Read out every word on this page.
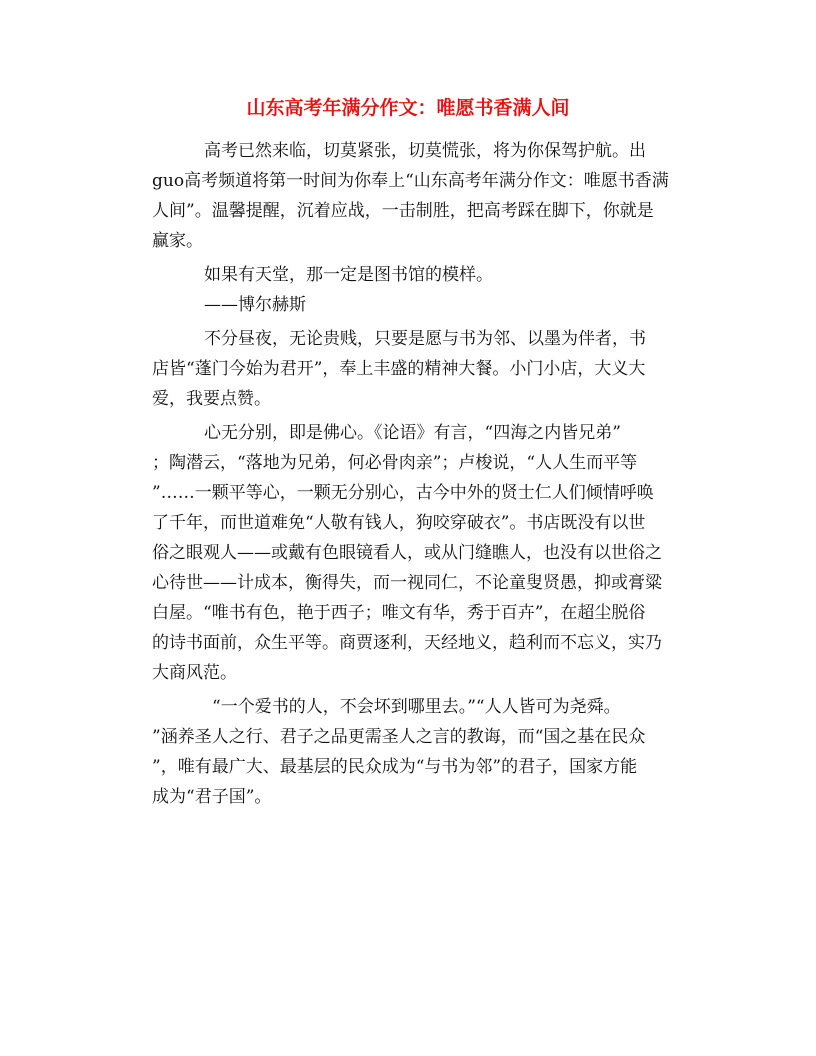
山东高考年满分作文：唯愿书香满人间
高考已然来临，切莫紧张，切莫慌张，将为你保驾护航。出
guo高考频道将第一时间为你奉上“山东高考年满分作文：唯愿书香满
人间”。温馨提醒，沉着应战，一击制胜，把高考踩在脚下，你就是
赢家。
如果有天堂，那一定是图书馆的模样。
——博尔赫斯
不分昼夜，无论贵贱，只要是愿与书为邻、以墨为伴者，书
店皆“蓬门今始为君开”，奉上丰盛的精神大餐。小门小店，大义大
爱，我要点赞。
心无分别，即是佛心。《论语》有言，“四海之内皆兄弟”
；陶潜云，“落地为兄弟，何必骨肉亲”；卢梭说，“人人生而平等
”……一颗平等心，一颗无分别心，古今中外的贤士仁人们倾情呼唤
了千年，而世道难免“人敬有钱人，狗咬穿破衣”。书店既没有以世
俗之眼观人——或戴有色眼镜看人，或从门缝瞧人，也没有以世俗之
心待世——计成本，衡得失，而一视同仁，不论童叟贤愚，抑或膏粱
白屋。“唯书有色，艳于西子；唯文有华，秀于百卉”，在超尘脱俗
的诗书面前，众生平等。商贾逐利，天经地义，趋利而不忘义，实乃
大商风范。
“一个爱书的人，不会坏到哪里去。”“人人皆可为尧舜。
”涵养圣人之行、君子之品更需圣人之言的教诲，而“国之基在民众
”，唯有最广大、最基层的民众成为“与书为邻”的君子，国家方能
成为“君子国”。
